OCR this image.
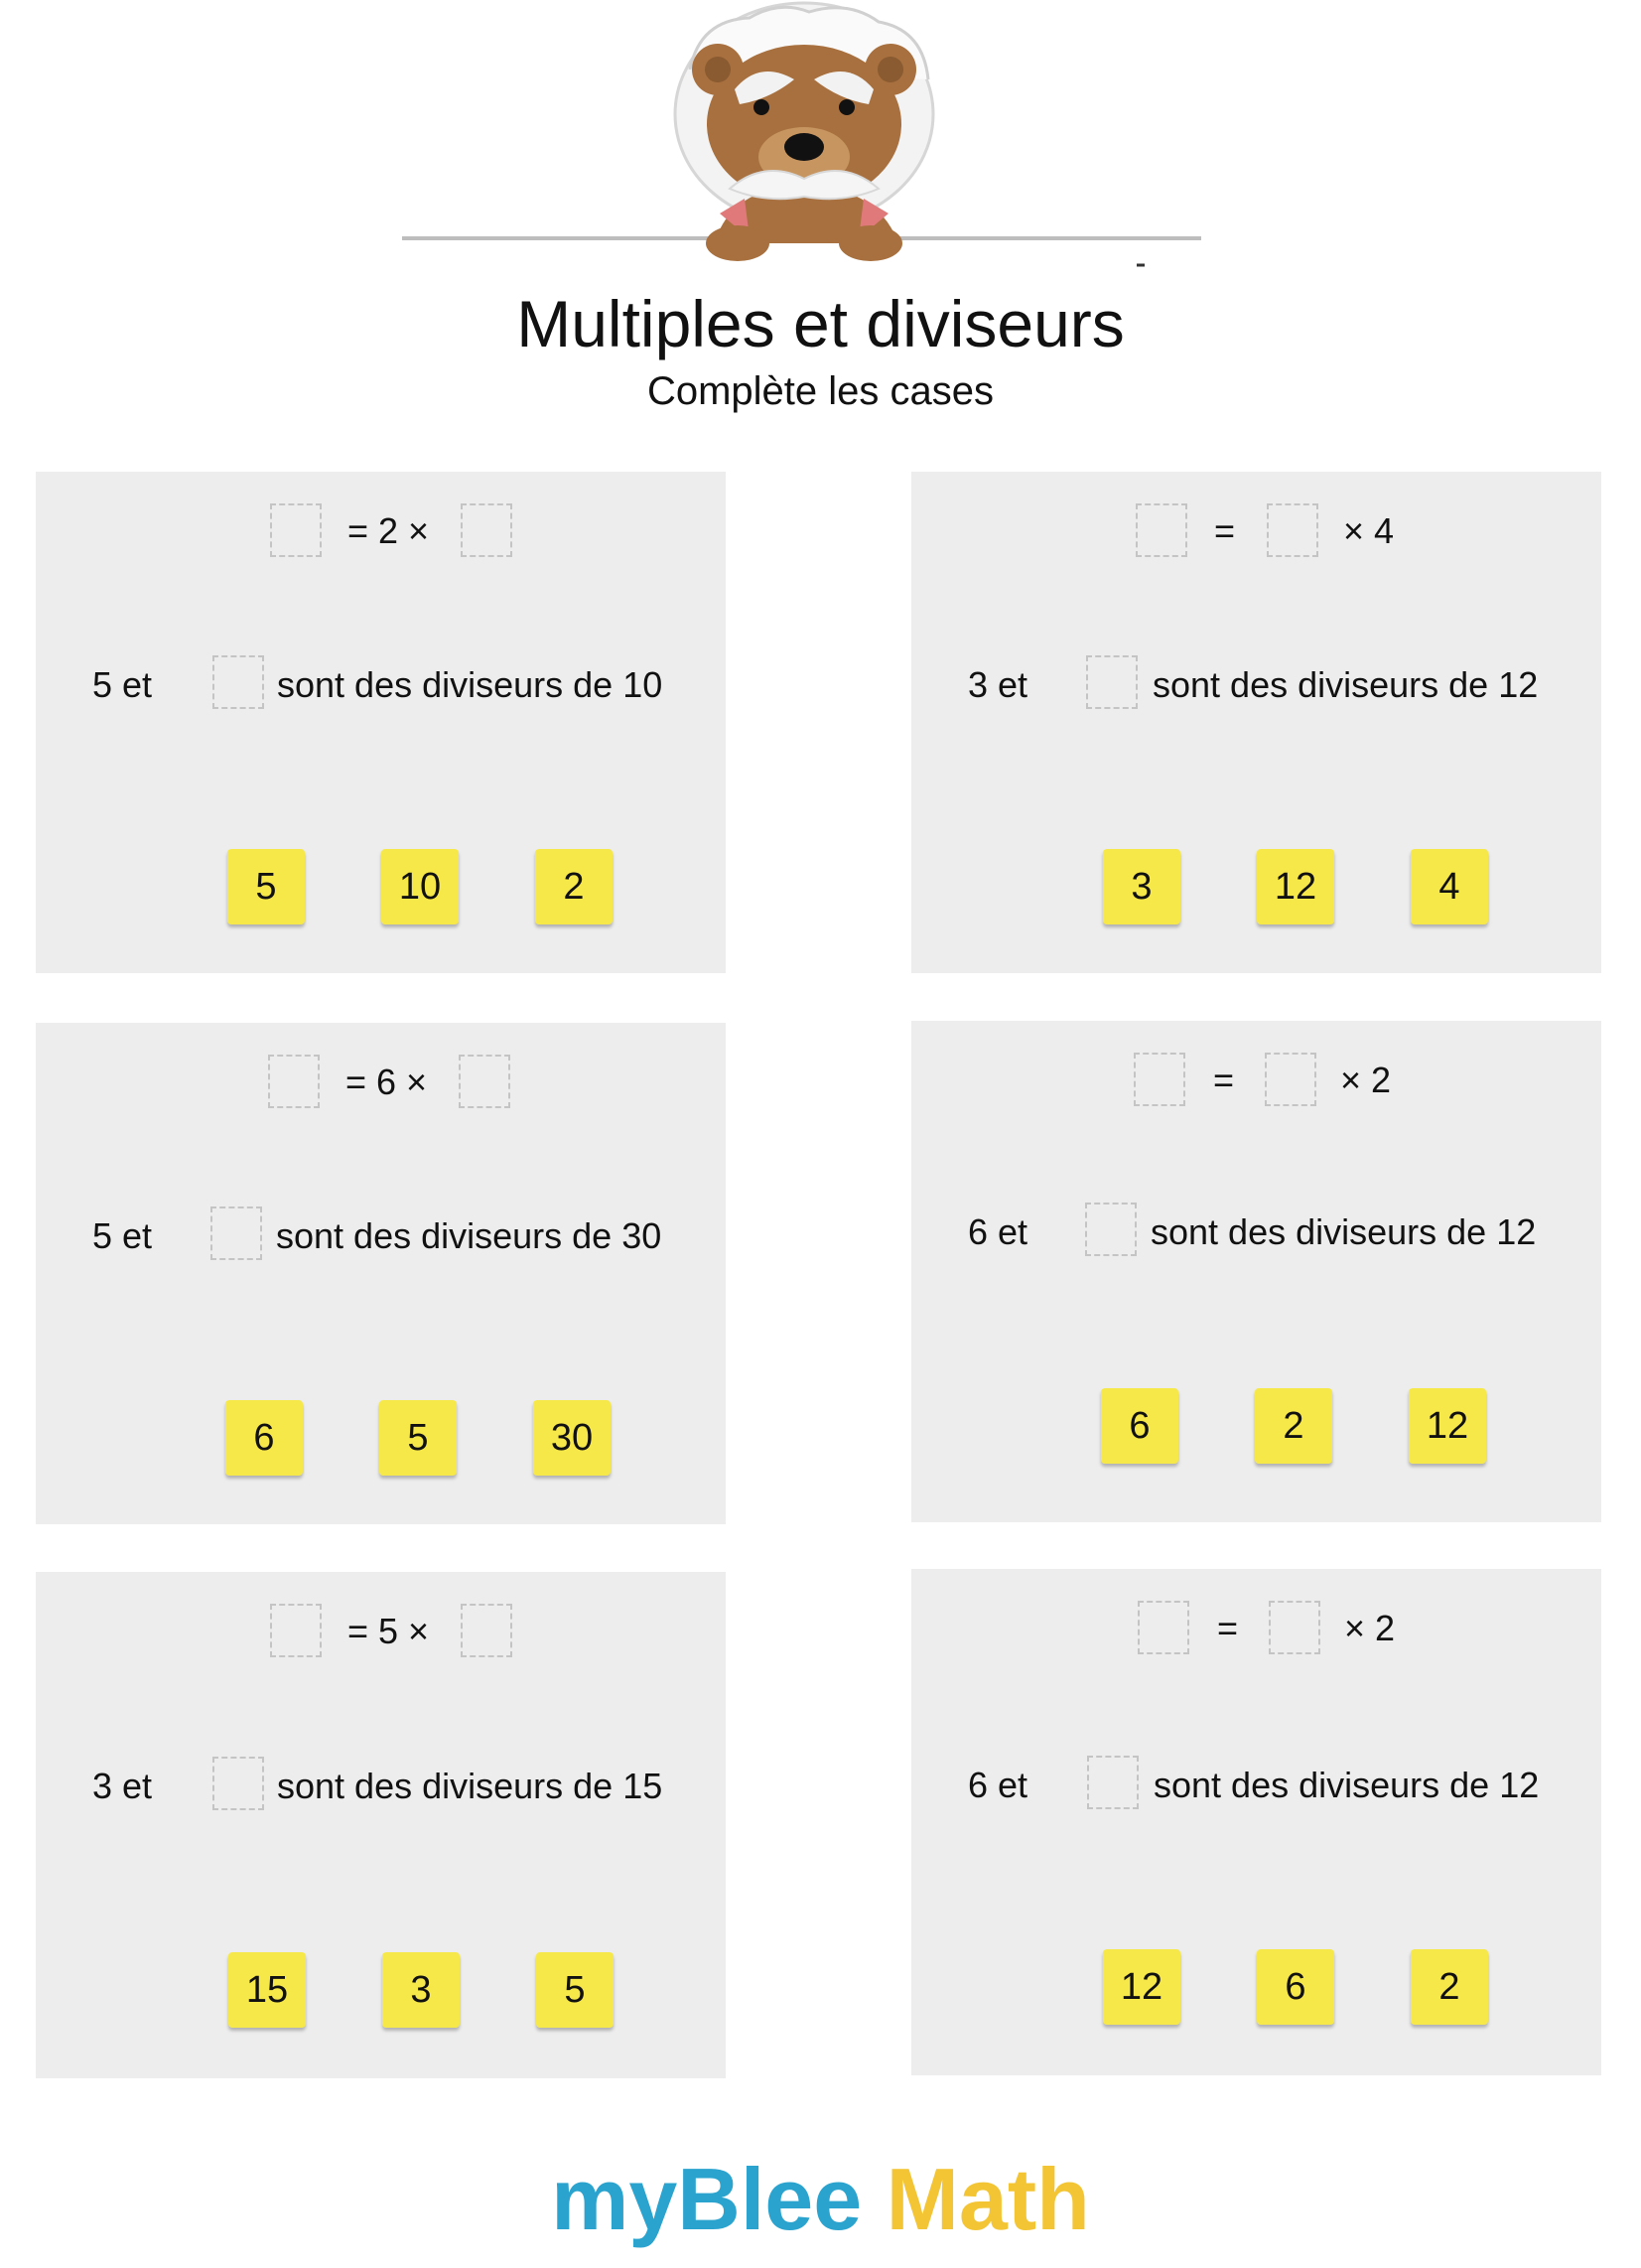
Multiples et diviseurs
Complète les cases
= 2 ×
5 et	sont des diviseurs de 10
5	10	2
=	× 4
3 et	sont des diviseurs de 12
3	12	4
= 6 ×
5 et	sont des diviseurs de 30
6	5	30
=	× 2
6 et	sont des diviseurs de 12
6	2	12
= 5 ×
3 et	sont des diviseurs de 15
15	3	5
=	× 2
6 et	sont des diviseurs de 12
12	6	2
myBlee Math
